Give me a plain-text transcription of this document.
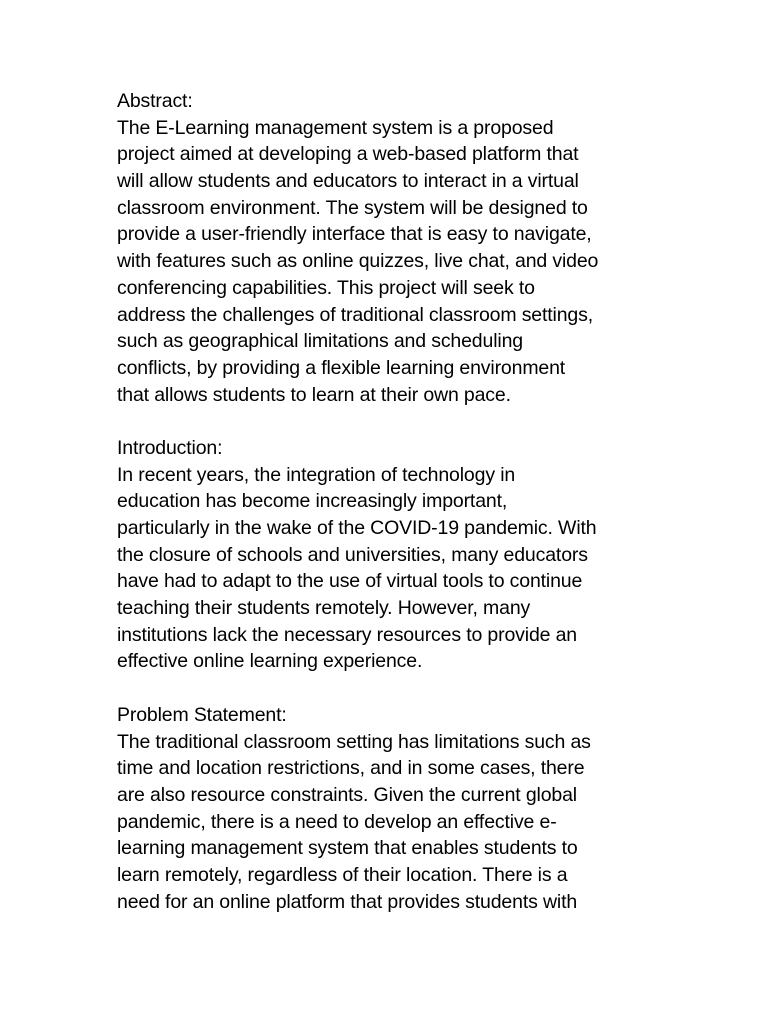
Abstract:
The E-Learning management system is a proposed
project aimed at developing a web-based platform that
will allow students and educators to interact in a virtual
classroom environment. The system will be designed to
provide a user-friendly interface that is easy to navigate,
with features such as online quizzes, live chat, and video
conferencing capabilities. This project will seek to
address the challenges of traditional classroom settings,
such as geographical limitations and scheduling
conflicts, by providing a flexible learning environment
that allows students to learn at their own pace.
Introduction:
In recent years, the integration of technology in
education has become increasingly important,
particularly in the wake of the COVID-19 pandemic. With
the closure of schools and universities, many educators
have had to adapt to the use of virtual tools to continue
teaching their students remotely. However, many
institutions lack the necessary resources to provide an
effective online learning experience.
Problem Statement:
The traditional classroom setting has limitations such as
time and location restrictions, and in some cases, there
are also resource constraints. Given the current global
pandemic, there is a need to develop an effective e-
learning management system that enables students to
learn remotely, regardless of their location. There is a
need for an online platform that provides students with
